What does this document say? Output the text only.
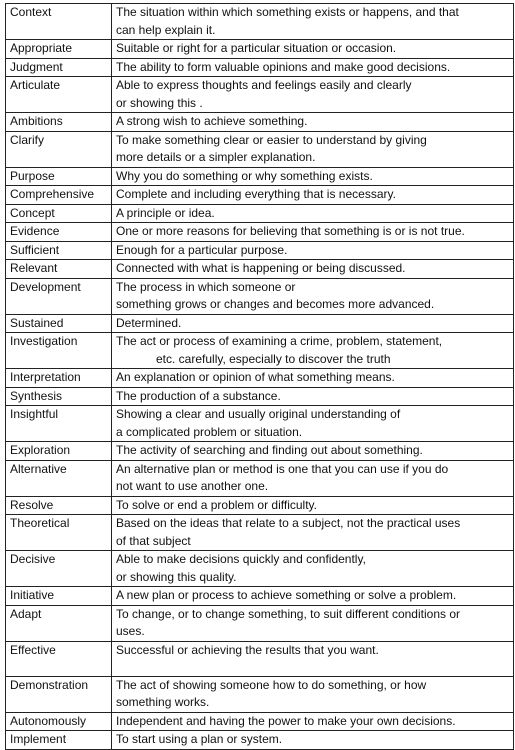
Context	The situation within which something exists or happens, and that
can help explain it.

Appropriate	Suitable or right for a particular situation or occasion.

Judgment	The ability to form valuable opinions and make good decisions.

Articulate	Able to express thoughts and feelings easily and clearly
or showing this .

Ambitions	A strong wish to achieve something.

Clarify	To make something clear or easier to understand by giving
more details or a simpler explanation.

Purpose	Why you do something or why something exists.

Comprehensive	Complete and including everything that is necessary.

Concept	A principle or idea.

Evidence	One or more reasons for believing that something is or is not true.

Sufficient	Enough for a particular purpose.

Relevant	Connected with what is happening or being discussed.

Development	The process in which someone or
something grows or changes and becomes more advanced.

Sustained	Determined.

Investigation	The act or process of examining a crime, problem, statement,
etc. carefully, especially to discover the truth

Interpretation	An explanation or opinion of what something means.

Synthesis	The production of a substance.

Insightful	Showing a clear and usually original understanding of
a complicated problem or situation.

Exploration	The activity of searching and finding out about something.

Alternative	An alternative plan or method is one that you can use if you do
not want to use another one.

Resolve	To solve or end a problem or difficulty.

Theoretical	Based on the ideas that relate to a subject, not the practical uses
of that subject

Decisive	Able to make decisions quickly and confidently,
or showing this quality.

Initiative	A new plan or process to achieve something or solve a problem.

Adapt	To change, or to change something, to suit different conditions or
uses.

Effective	Successful or achieving the results that you want.

Demonstration	The act of showing someone how to do something, or how
something works.

Autonomously	Independent and having the power to make your own decisions.

Implement	To start using a plan or system.
